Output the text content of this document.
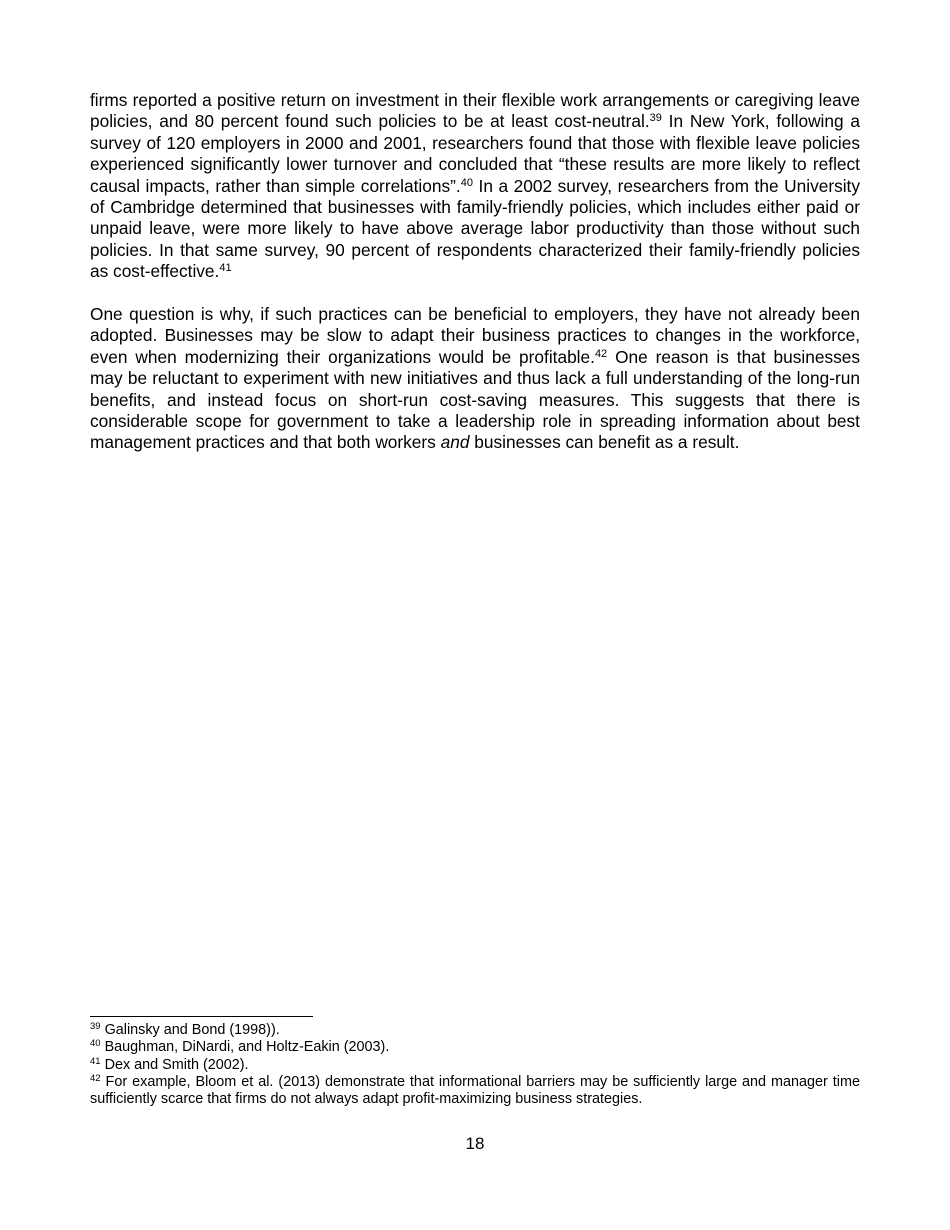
firms reported a positive return on investment in their flexible work arrangements or caregiving leave policies, and 80 percent found such policies to be at least cost-neutral.$^{39}$ In New York, following a survey of 120 employers in 2000 and 2001, researchers found that those with flexible leave policies experienced significantly lower turnover and concluded that “these results are more likely to reflect causal impacts, rather than simple correlations”.$^{40}$ In a 2002 survey, researchers from the University of Cambridge determined that businesses with family-friendly policies, which includes either paid or unpaid leave, were more likely to have above average labor productivity than those without such policies. In that same survey, 90 percent of respondents characterized their family-friendly policies as cost-effective.$^{41}$

One question is why, if such practices can be beneficial to employers, they have not already been adopted. Businesses may be slow to adapt their business practices to changes in the workforce, even when modernizing their organizations would be profitable.$^{42}$ One reason is that businesses may be reluctant to experiment with new initiatives and thus lack a full understanding of the long-run benefits, and instead focus on short-run cost-saving measures. This suggests that there is considerable scope for government to take a leadership role in spreading information about best management practices and that both workers and businesses can benefit as a result.

$^{39}$ Galinsky and Bond (1998)).
$^{40}$ Baughman, DiNardi, and Holtz-Eakin (2003).
$^{41}$ Dex and Smith (2002).
$^{42}$ For example, Bloom et al. (2013) demonstrate that informational barriers may be sufficiently large and manager time sufficiently scarce that firms do not always adapt profit-maximizing business strategies.
18
